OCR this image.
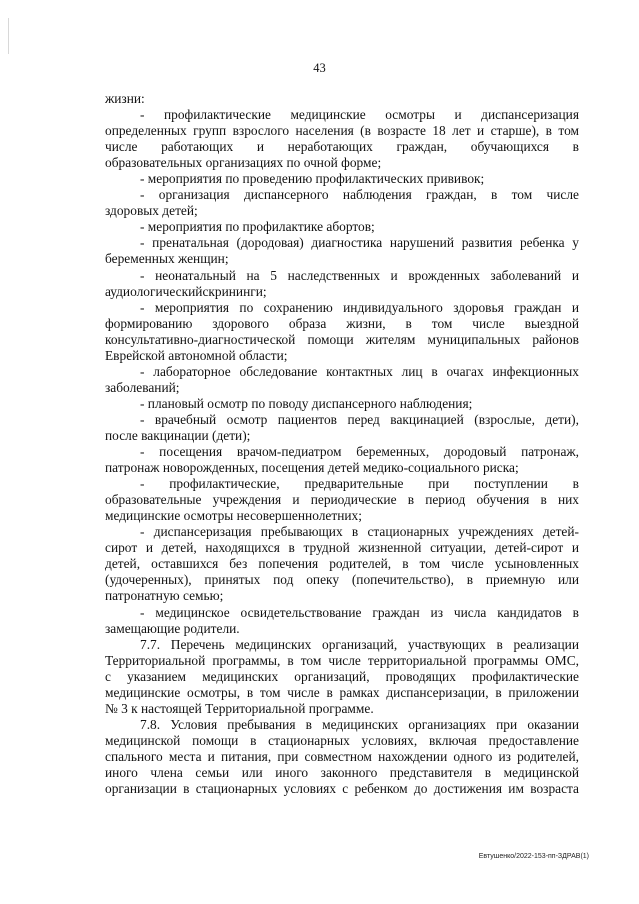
43
жизни:
- профилактические медицинские осмотры и диспансеризация
определенных групп взрослого населения (в возрасте 18 лет и старше), в том
числе работающих и неработающих граждан, обучающихся в
образовательных организациях по очной форме;
- мероприятия по проведению профилактических прививок;
- организация диспансерного наблюдения граждан, в том числе
здоровых детей;
- мероприятия по профилактике абортов;
- пренатальная (дородовая) диагностика нарушений развития ребенка у
беременных женщин;
- неонатальный на 5 наследственных и врожденных заболеваний и
аудиологическийскрининги;
- мероприятия по сохранению индивидуального здоровья граждан и
формированию здорового образа жизни, в том числе выездной
консультативно-диагностической помощи жителям муниципальных районов
Еврейской автономной области;
- лабораторное обследование контактных лиц в очагах инфекционных
заболеваний;
- плановый осмотр по поводу диспансерного наблюдения;
- врачебный осмотр пациентов перед вакцинацией (взрослые, дети),
после вакцинации (дети);
- посещения врачом-педиатром беременных, дородовый патронаж,
патронаж новорожденных, посещения детей медико-социального риска;
- профилактические, предварительные при поступлении в
образовательные учреждения и периодические в период обучения в них
медицинские осмотры несовершеннолетних;
- диспансеризация пребывающих в стационарных учреждениях детей-
сирот и детей, находящихся в трудной жизненной ситуации, детей-сирот и
детей, оставшихся без попечения родителей, в том числе усыновленных
(удочеренных), принятых под опеку (попечительство), в приемную или
патронатную семью;
- медицинское освидетельствование граждан из числа кандидатов в
замещающие родители.
7.7. Перечень медицинских организаций, участвующих в реализации
Территориальной программы, в том числе территориальной программы ОМС,
с указанием медицинских организаций, проводящих профилактические
медицинские осмотры, в том числе в рамках диспансеризации, в приложении
№ 3 к настоящей Территориальной программе.
7.8. Условия пребывания в медицинских организациях при оказании
медицинской помощи в стационарных условиях, включая предоставление
спального места и питания, при совместном нахождении одного из родителей,
иного члена семьи или иного законного представителя в медицинской
организации в стационарных условиях с ребенком до достижения им возраста
Евтушенко/2022-153-пп-ЗДРАВ(1)
